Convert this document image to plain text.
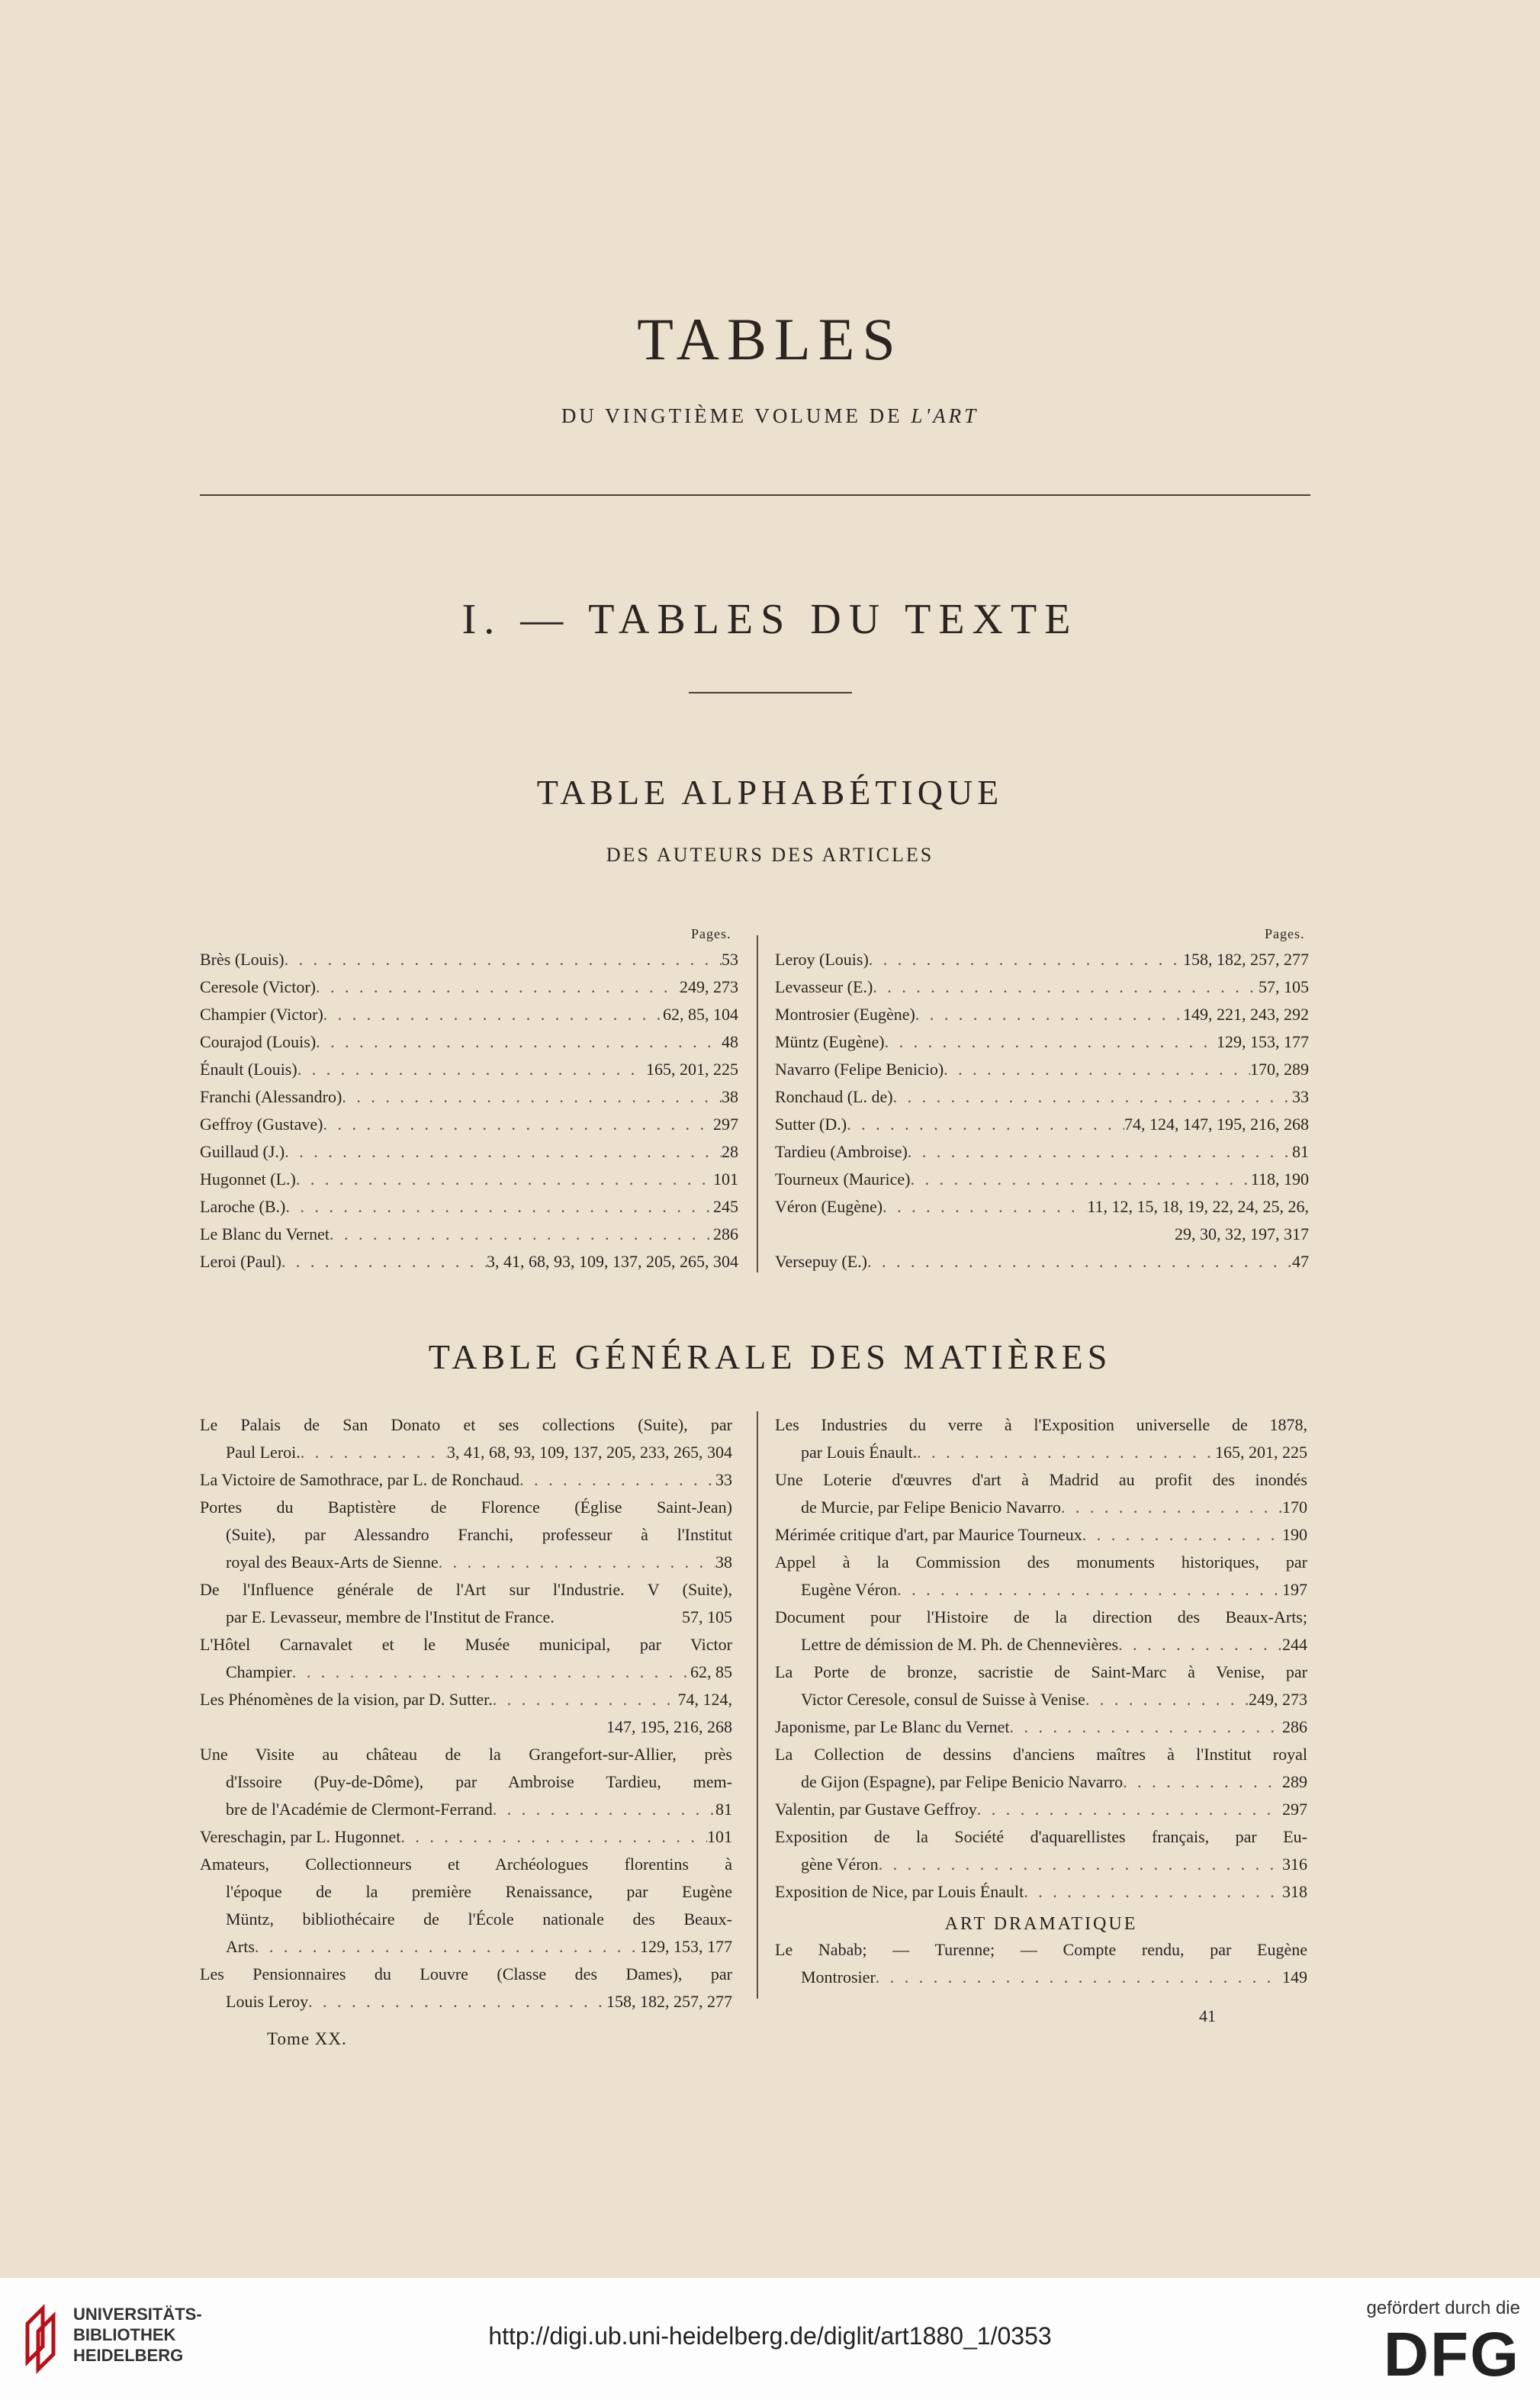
TABLES
DU VINGTIÈME VOLUME DE L'ART
I. — TABLES DU TEXTE
TABLE ALPHABÉTIQUE
DES AUTEURS DES ARTICLES
Pages.	Pages.
Brès (Louis) . . .	53
Ceresole (Victor) . . .	249, 273
Champier (Victor) . . .	62, 85, 104
Courajod (Louis) . . .	48
Énault (Louis) . . .	165, 201, 225
Franchi (Alessandro) . . .	38
Geffroy (Gustave) . . .	297
Guillaud (J.) . . .	28
Hugonnet (L.) . . .	101
Laroche (B.) . . .	245
Le Blanc du Vernet . . .	286
Leroi (Paul) . . .	3, 41, 68, 93, 109, 137, 205, 265, 304
Leroy (Louis) . . .	158, 182, 257, 277
Levasseur (E.) . . .	57, 105
Montrosier (Eugène) . . .	149, 221, 243, 292
Müntz (Eugène) . . .	129, 153, 177
Navarro (Felipe Benicio) . . .	170, 289
Ronchaud (L. de) . . .	33
Sutter (D.) . . .	74, 124, 147, 195, 216, 268
Tardieu (Ambroise) . . .	81
Tourneux (Maurice) . . .	118, 190
Véron (Eugène) . . .	11, 12, 15, 18, 19, 22, 24, 25, 26,
29, 30, 32, 197, 317
Versepuy (E.) . . .	47
TABLE GÉNÉRALE DES MATIÈRES
Le Palais de San Donato et ses collections (Suite), par
Paul Leroi. . . .	3, 41, 68, 93, 109, 137, 205, 233, 265, 304
La Victoire de Samothrace, par L. de Ronchaud . . .	33
Portes du Baptistère de Florence (Église Saint-Jean)
(Suite), par Alessandro Franchi, professeur à l'Institut
royal des Beaux-Arts de Sienne . . .	38
De l'Influence générale de l'Art sur l'Industrie. V (Suite),
par E. Levasseur, membre de l'Institut de France.	57, 105
L'Hôtel Carnavalet et le Musée municipal, par Victor
Champier . . .	62, 85
Les Phénomènes de la vision, par D. Sutter. . . .	74, 124,
147, 195, 216, 268
Une Visite au château de la Grangefort-sur-Allier, près
d'Issoire (Puy-de-Dôme), par Ambroise Tardieu, mem-
bre de l'Académie de Clermont-Ferrand . . .	81
Vereschagin, par L. Hugonnet . . .	101
Amateurs, Collectionneurs et Archéologues florentins à
l'époque de la première Renaissance, par Eugène
Müntz, bibliothécaire de l'École nationale des Beaux-
Arts . . .	129, 153, 177
Les Pensionnaires du Louvre (Classe des Dames), par
Louis Leroy . . .	158, 182, 257, 277
Les Industries du verre à l'Exposition universelle de 1878,
par Louis Énault. . . .	165, 201, 225
Une Loterie d'œuvres d'art à Madrid au profit des inondés
de Murcie, par Felipe Benicio Navarro . . .	170
Mérimée critique d'art, par Maurice Tourneux . . .	190
Appel à la Commission des monuments historiques, par
Eugène Véron . . .	197
Document pour l'Histoire de la direction des Beaux-Arts;
Lettre de démission de M. Ph. de Chennevières . . .	244
La Porte de bronze, sacristie de Saint-Marc à Venise, par
Victor Ceresole, consul de Suisse à Venise . . .	249, 273
Japonisme, par Le Blanc du Vernet . . .	286
La Collection de dessins d'anciens maîtres à l'Institut royal
de Gijon (Espagne), par Felipe Benicio Navarro . . .	289
Valentin, par Gustave Geffroy . . .	297
Exposition de la Société d'aquarellistes français, par Eu-
gène Véron . . .	316
Exposition de Nice, par Louis Énault . . .	318
ART DRAMATIQUE
Le Nabab; — Turenne; — Compte rendu, par Eugène
Montrosier . . .	149
Tome XX.
41
UNIVERSITÄTS-
BIBLIOTHEK
HEIDELBERG
http://digi.ub.uni-heidelberg.de/diglit/art1880_1/0353
gefördert durch die
DFG
